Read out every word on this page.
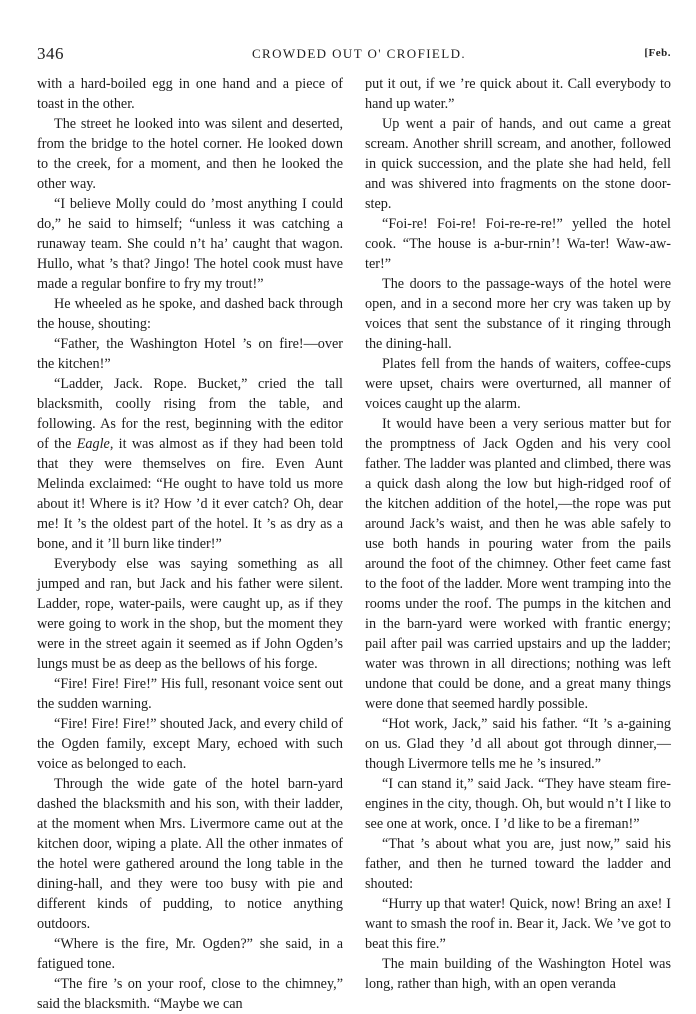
346	CROWDED OUT O' CROFIELD.	[Feb.

with a hard-boiled egg in one hand and a piece of toast in the other.

The street he looked into was silent and deserted, from the bridge to the hotel corner. He looked down to the creek, for a moment, and then he looked the other way.

“I believe Molly could do ’most anything I could do,” he said to himself; “unless it was catching a runaway team. She could n’t ha’ caught that wagon. Hullo, what ’s that? Jingo! The hotel cook must have made a regular bonfire to fry my trout!”

He wheeled as he spoke, and dashed back through the house, shouting:

“Father, the Washington Hotel ’s on fire!—over the kitchen!”

“Ladder, Jack. Rope. Bucket,” cried the tall blacksmith, coolly rising from the table, and following. As for the rest, beginning with the editor of the Eagle, it was almost as if they had been told that they were themselves on fire. Even Aunt Melinda exclaimed: “He ought to have told us more about it! Where is it? How ’d it ever catch? Oh, dear me! It ’s the oldest part of the hotel. It ’s as dry as a bone, and it ’ll burn like tinder!”

Everybody else was saying something as all jumped and ran, but Jack and his father were silent. Ladder, rope, water-pails, were caught up, as if they were going to work in the shop, but the moment they were in the street again it seemed as if John Ogden’s lungs must be as deep as the bellows of his forge.

“Fire! Fire! Fire!” His full, resonant voice sent out the sudden warning.

“Fire! Fire! Fire!” shouted Jack, and every child of the Ogden family, except Mary, echoed with such voice as belonged to each.

Through the wide gate of the hotel barn-yard dashed the blacksmith and his son, with their ladder, at the moment when Mrs. Livermore came out at the kitchen door, wiping a plate. All the other inmates of the hotel were gathered around the long table in the dining-hall, and they were too busy with pie and different kinds of pudding, to notice anything outdoors.

“Where is the fire, Mr. Ogden?” she said, in a fatigued tone.

“The fire ’s on your roof, close to the chimney,” said the blacksmith. “Maybe we can

put it out, if we ’re quick about it. Call everybody to hand up water.”

Up went a pair of hands, and out came a great scream. Another shrill scream, and another, followed in quick succession, and the plate she had held, fell and was shivered into fragments on the stone door-step.

“Foi-re! Foi-re! Foi-re-re-re!” yelled the hotel cook. “The house is a-bur-rnin’! Wa-ter! Waw-aw-ter!”

The doors to the passage-ways of the hotel were open, and in a second more her cry was taken up by voices that sent the substance of it ringing through the dining-hall.

Plates fell from the hands of waiters, coffee-cups were upset, chairs were overturned, all manner of voices caught up the alarm.

It would have been a very serious matter but for the promptness of Jack Ogden and his very cool father. The ladder was planted and climbed, there was a quick dash along the low but high-ridged roof of the kitchen addition of the hotel,—the rope was put around Jack’s waist, and then he was able safely to use both hands in pouring water from the pails around the foot of the chimney. Other feet came fast to the foot of the ladder. More went tramping into the rooms under the roof. The pumps in the kitchen and in the barn-yard were worked with frantic energy; pail after pail was carried upstairs and up the ladder; water was thrown in all directions; nothing was left undone that could be done, and a great many things were done that seemed hardly possible.

“Hot work, Jack,” said his father. “It ’s a-gaining on us. Glad they ’d all about got through dinner,—though Livermore tells me he ’s insured.”

“I can stand it,” said Jack. “They have steam fire-engines in the city, though. Oh, but would n’t I like to see one at work, once. I ’d like to be a fireman!”

“That ’s about what you are, just now,” said his father, and then he turned toward the ladder and shouted:

“Hurry up that water! Quick, now! Bring an axe! I want to smash the roof in. Bear it, Jack. We ’ve got to beat this fire.”

The main building of the Washington Hotel was long, rather than high, with an open veranda
